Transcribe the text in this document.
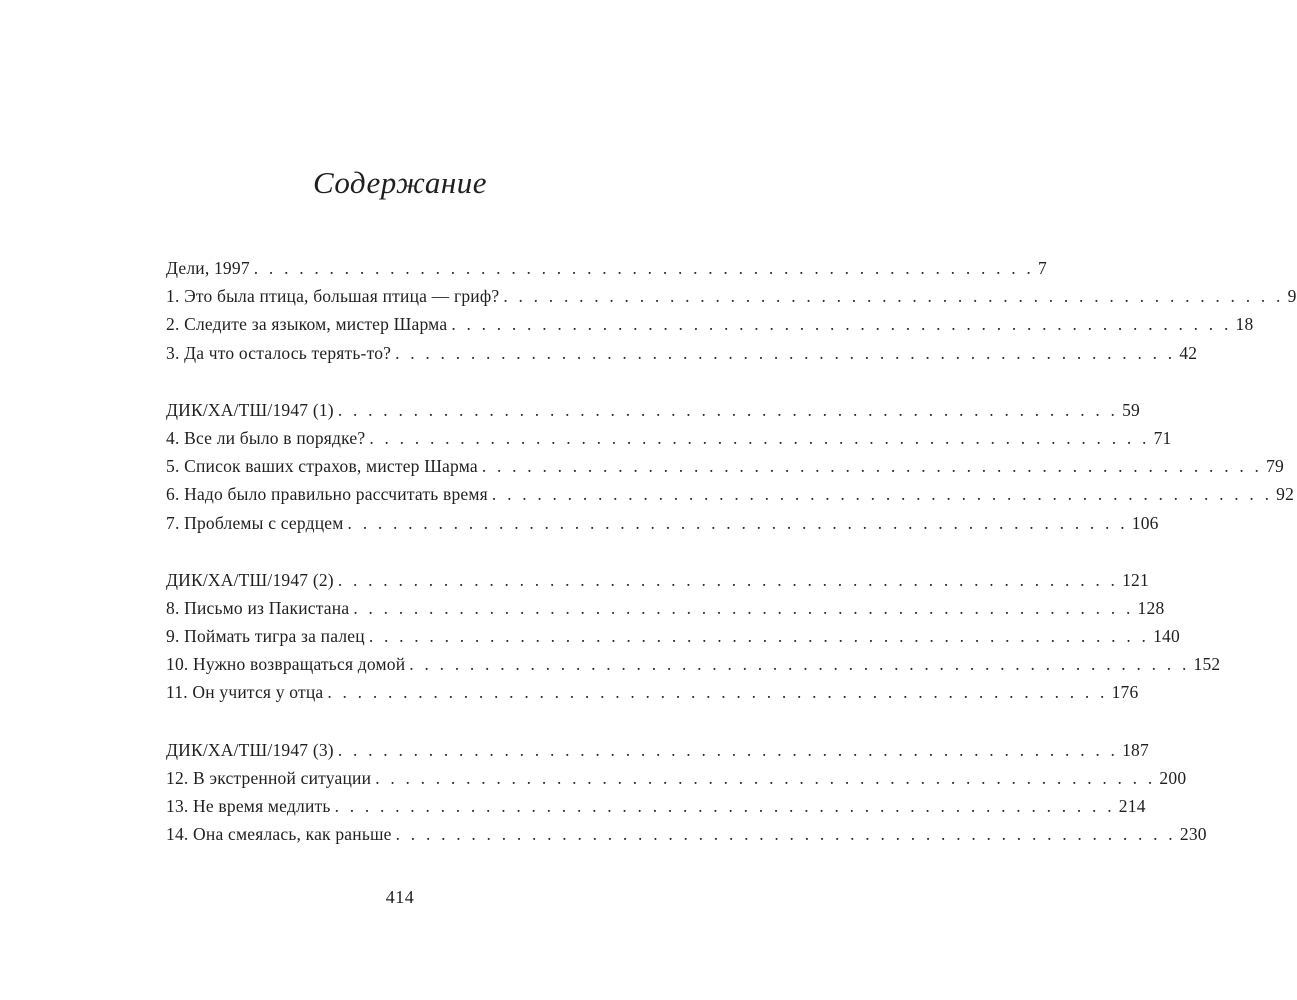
Содержание
Дели, 1997 . . . . . . . . . . . . . . . . . . . . . . . . . . . . . . . . . . . . . . . . . . . . . . . . . . . . 7
1. Это была птица, большая птица — гриф? . . . . . . . . . . . . . . . . . . . . . . . . . . . . . . . . . . . . . . . . . . . . . . . . . . . . 9
2. Следите за языком, мистер Шарма . . . . . . . . . . . . . . . . . . . . . . . . . . . . . . . . . . . . . . . . . . . . . . . . . . . . 18
3. Да что осталось терять-то? . . . . . . . . . . . . . . . . . . . . . . . . . . . . . . . . . . . . . . . . . . . . . . . . . . . . 42
ДИК/ХА/ТШ/1947 (1) . . . . . . . . . . . . . . . . . . . . . . . . . . . . . . . . . . . . . . . . . . . . . . . . . . . . 59
4. Все ли было в порядке? . . . . . . . . . . . . . . . . . . . . . . . . . . . . . . . . . . . . . . . . . . . . . . . . . . . . 71
5. Список ваших страхов, мистер Шарма . . . . . . . . . . . . . . . . . . . . . . . . . . . . . . . . . . . . . . . . . . . . . . . . . . . . 79
6. Надо было правильно рассчитать время . . . . . . . . . . . . . . . . . . . . . . . . . . . . . . . . . . . . . . . . . . . . . . . . . . . . 92
7. Проблемы с сердцем . . . . . . . . . . . . . . . . . . . . . . . . . . . . . . . . . . . . . . . . . . . . . . . . . . . . 106
ДИК/ХА/ТШ/1947 (2) . . . . . . . . . . . . . . . . . . . . . . . . . . . . . . . . . . . . . . . . . . . . . . . . . . . . 121
8. Письмо из Пакистана . . . . . . . . . . . . . . . . . . . . . . . . . . . . . . . . . . . . . . . . . . . . . . . . . . . . 128
9. Поймать тигра за палец . . . . . . . . . . . . . . . . . . . . . . . . . . . . . . . . . . . . . . . . . . . . . . . . . . . . 140
10. Нужно возвращаться домой . . . . . . . . . . . . . . . . . . . . . . . . . . . . . . . . . . . . . . . . . . . . . . . . . . . . 152
11. Он учится у отца . . . . . . . . . . . . . . . . . . . . . . . . . . . . . . . . . . . . . . . . . . . . . . . . . . . . 176
ДИК/ХА/ТШ/1947 (3) . . . . . . . . . . . . . . . . . . . . . . . . . . . . . . . . . . . . . . . . . . . . . . . . . . . . 187
12. В экстренной ситуации . . . . . . . . . . . . . . . . . . . . . . . . . . . . . . . . . . . . . . . . . . . . . . . . . . . . 200
13. Не время медлить . . . . . . . . . . . . . . . . . . . . . . . . . . . . . . . . . . . . . . . . . . . . . . . . . . . . 214
14. Она смеялась, как раньше . . . . . . . . . . . . . . . . . . . . . . . . . . . . . . . . . . . . . . . . . . . . . . . . . . . . 230
414
